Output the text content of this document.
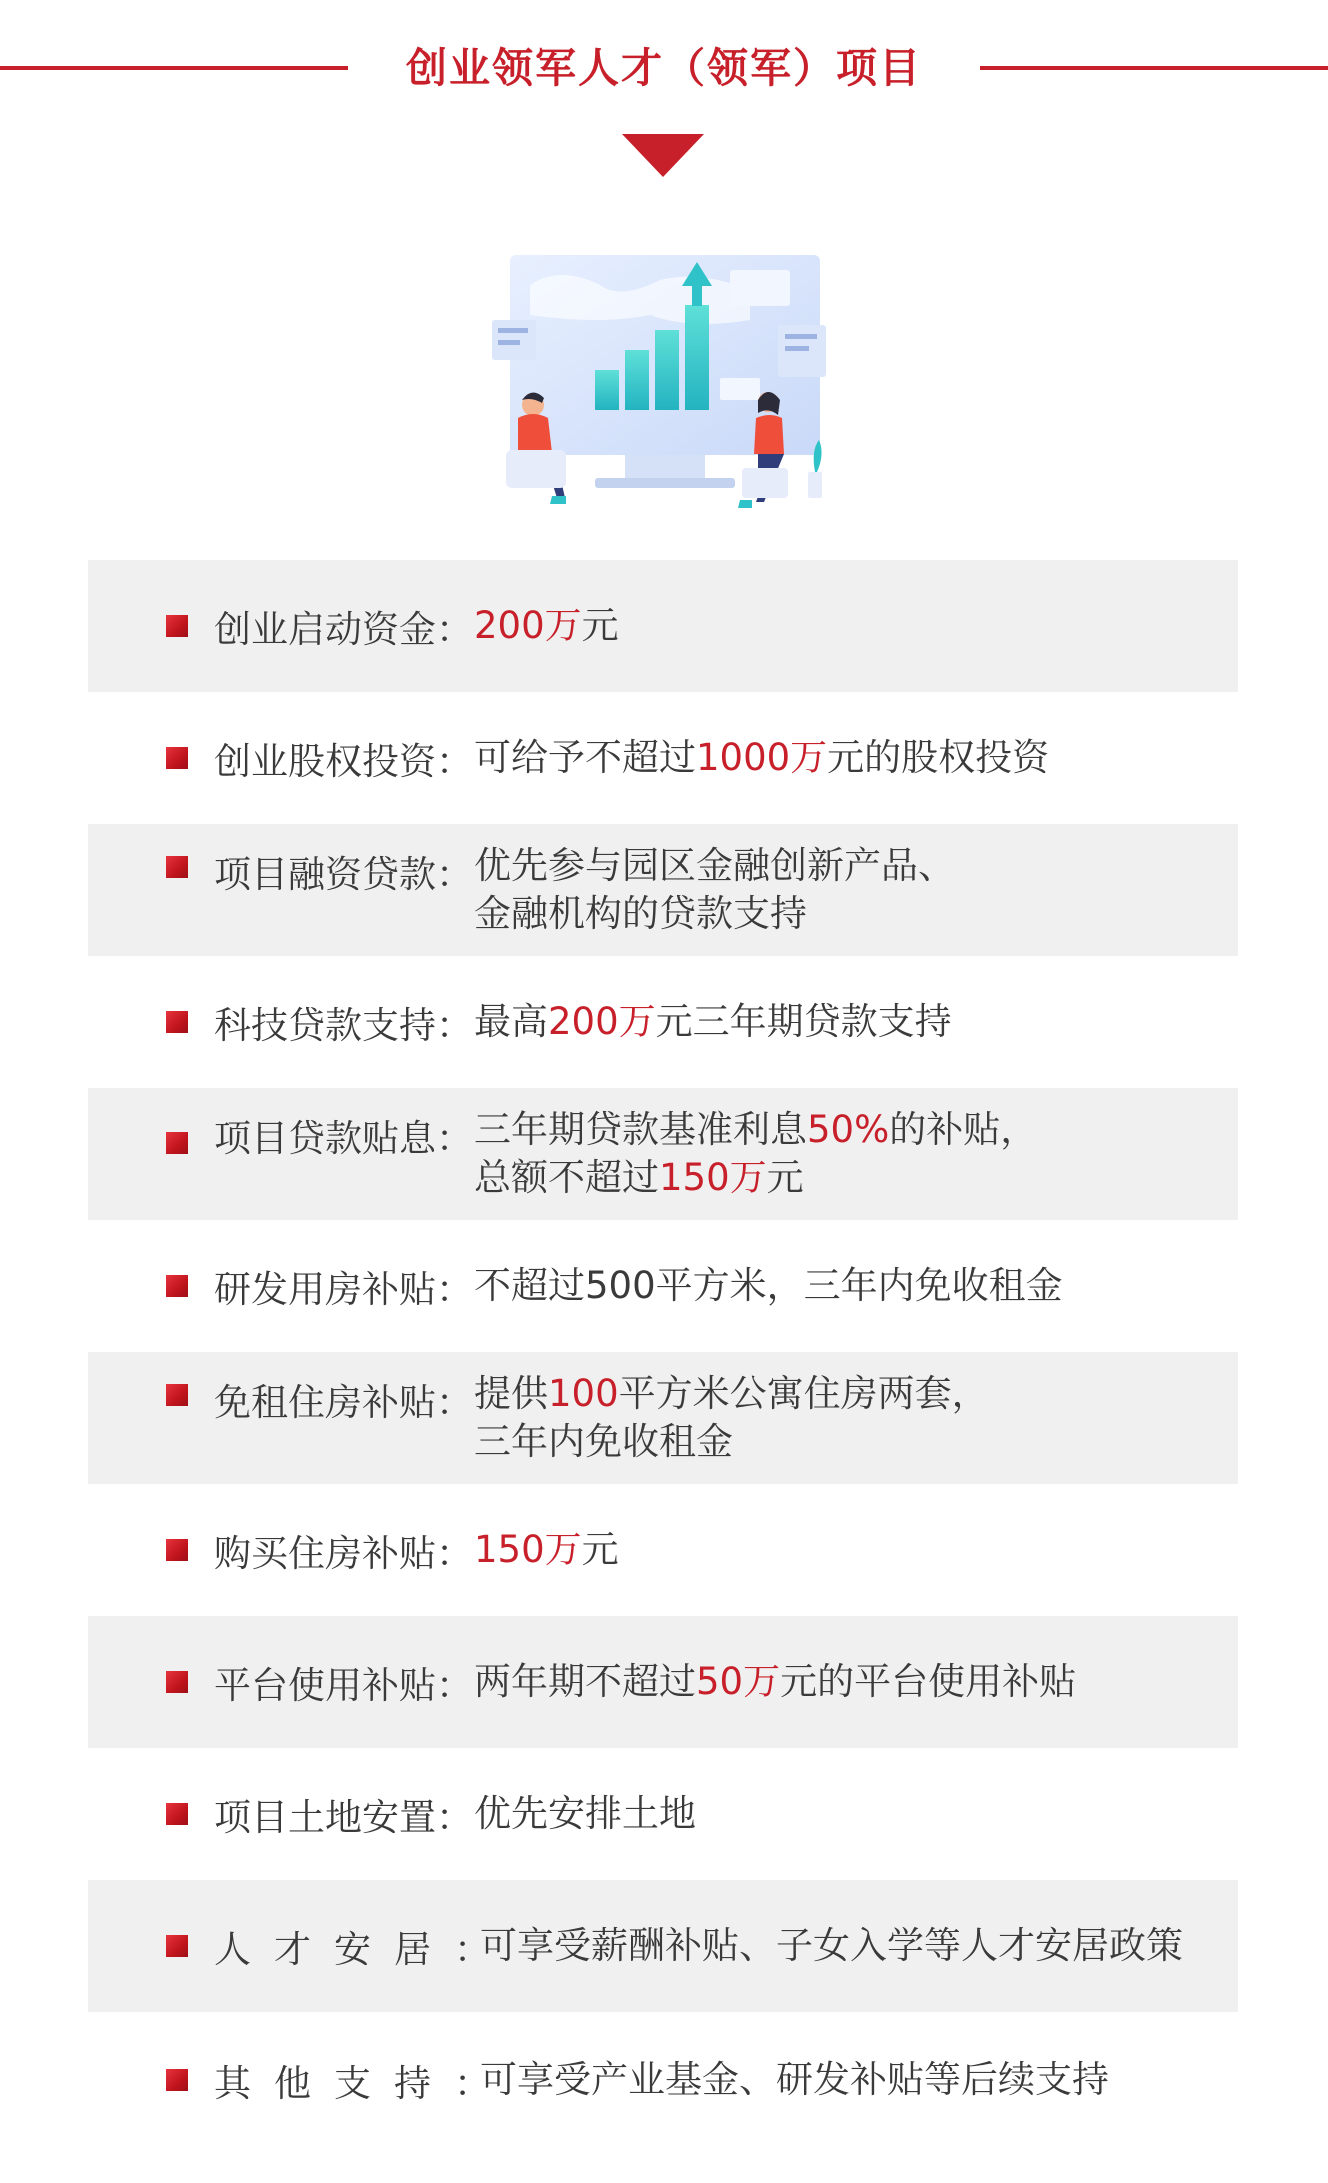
创业领军人才（领军）项目
创业启动资金： 200万元
创业股权投资： 可给予不超过1000万元的股权投资
项目融资贷款： 优先参与园区金融创新产品、
金融机构的贷款支持
科技贷款支持： 最高200万元三年期贷款支持
项目贷款贴息： 三年期贷款基准利息50%的补贴，
总额不超过150万元
研发用房补贴： 不超过500平方米，三年内免收租金
免租住房补贴： 提供100平方米公寓住房两套，
三年内免收租金
购买住房补贴： 150万元
平台使用补贴： 两年期不超过50万元的平台使用补贴
项目土地安置： 优先安排土地
人才安居：
可享受薪酬补贴、子女入学等人才安居政策
其他支持：
可享受产业基金、研发补贴等后续支持
